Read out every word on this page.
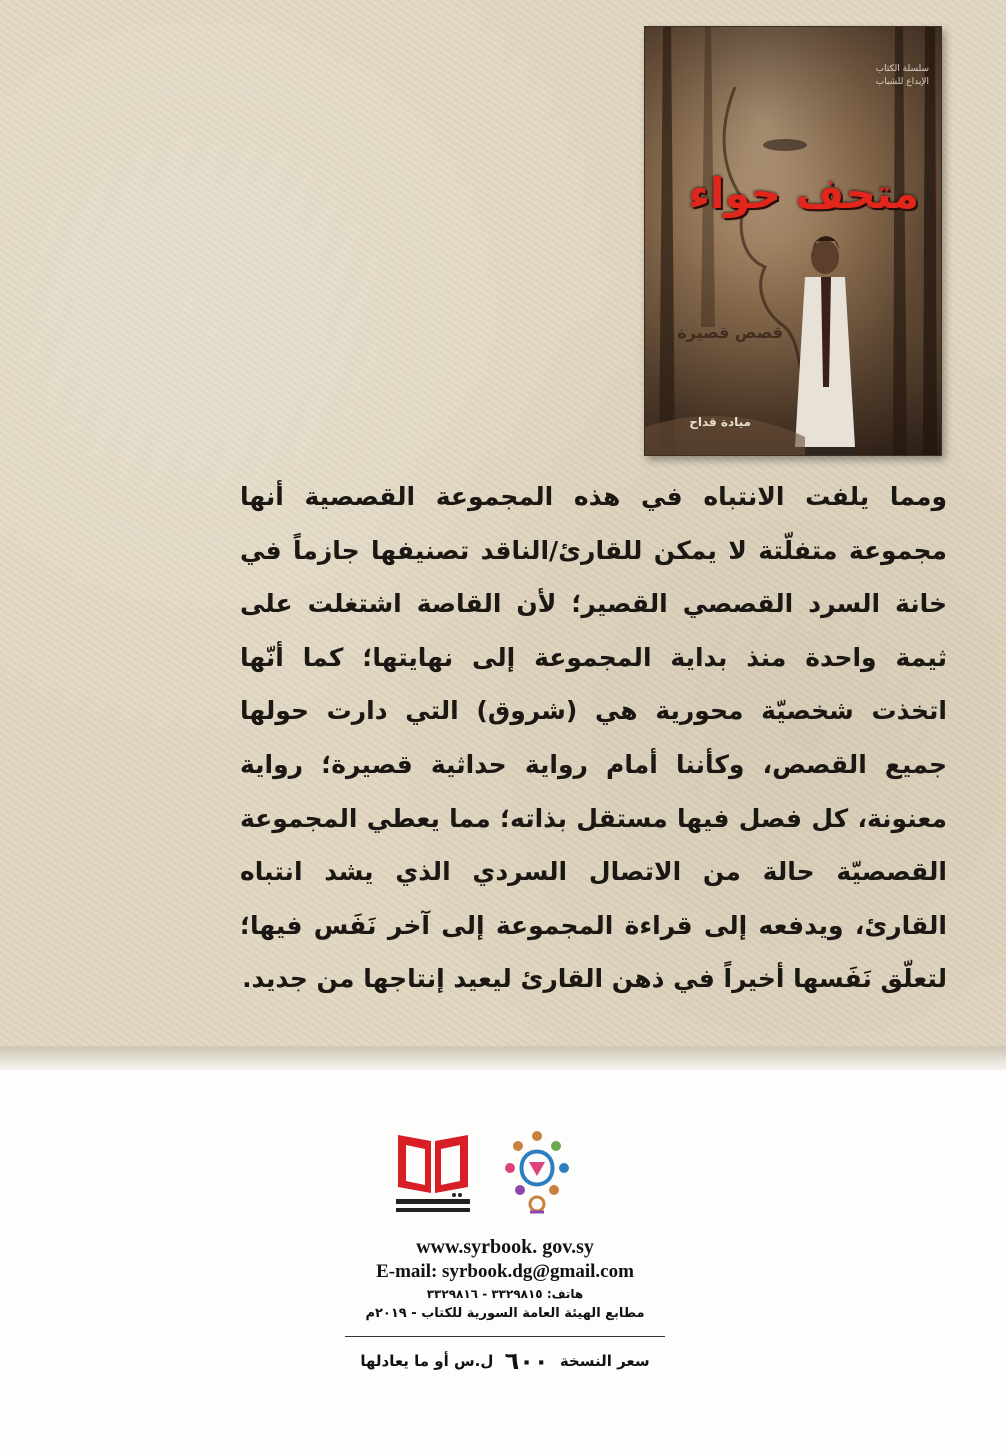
سلسلة الكتاب
الإبداع للشباب
متحف حواء
قصص قصيرة
ميادة قداح
ومما يلفت الانتباه في هذه المجموعة القصصية أنها
مجموعة متفلّتة لا يمكن للقارئ/الناقد تصنيفها جازماً في
خانة السرد القصصي القصير؛ لأن القاصة اشتغلت على
ثيمة واحدة منذ بداية المجموعة إلى نهايتها؛ كما أنّها
اتخذت شخصيّة محورية هي (شروق) التي دارت حولها
جميع القصص، وكأننا أمام رواية حداثية قصيرة؛ رواية
معنونة، كل فصل فيها مستقل بذاته؛ مما يعطي المجموعة
القصصيّة حالة من الاتصال السردي الذي يشد انتباه
القارئ، ويدفعه إلى قراءة المجموعة إلى آخر نَفَس فيها؛
لتعلّق نَفَسها أخيراً في ذهن القارئ ليعيد إنتاجها من جديد.
www.syrbook. gov.sy
E-mail: syrbook.dg@gmail.com
هاتف: ٣٣٢٩٨١٥ - ٣٣٢٩٨١٦
مطابع الهيئة العامة السورية للكتاب - ٢٠١٩م
سعر النسخة ٦٠٠ ل.س أو ما يعادلها
